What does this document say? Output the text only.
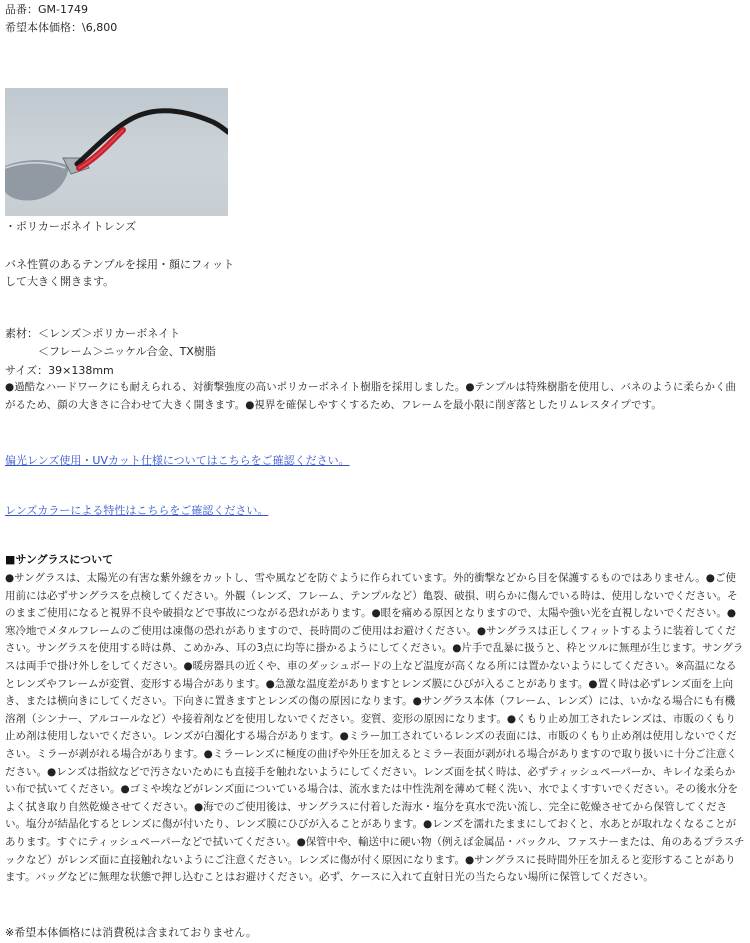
品番：GM-1749
希望本体価格：\6,800
・ポリカーボネイトレンズ
バネ性質のあるテンプルを採用・顔にフィット
して大きく開きます。
素材：＜レンズ＞ポリカーボネイト
＜フレーム＞ニッケル合金、TX樹脂
サイズ：39×138mm
●過酷なハードワークにも耐えられる、対衝撃強度の高いポリカーボネイト樹脂を採用しました。●テンプルは特殊樹脂を使用し、バネのように柔らかく曲がるため、顔の大きさに合わせて大きく開きます。●視界を確保しやすくするため、フレームを最小限に削ぎ落としたリムレスタイプです。
偏光レンズ使用・UVカット仕様についてはこちらをご確認ください。
レンズカラーによる特性はこちらをご確認ください。
■サングラスについて
●サングラスは、太陽光の有害な紫外線をカットし、雪や風などを防ぐように作られています。外的衝撃などから目を保護するものではありません。●ご使用前には必ずサングラスを点検してください。外観（レンズ、フレーム、テンプルなど）亀裂、破損、明らかに傷んでいる時は、使用しないでください。そのままご使用になると視界不良や破損などで事故につながる恐れがあります。●眼を痛める原因となりますので、太陽や強い光を直視しないでください。●寒冷地でメタルフレームのご使用は凍傷の恐れがありますので、長時間のご使用はお避けください。●サングラスは正しくフィットするように装着してください。サングラスを使用する時は鼻、こめかみ、耳の3点に均等に掛かるようにしてください。●片手で乱暴に扱うと、枠とツルに無理が生じます。サングラスは両手で掛け外しをしてください。●暖房器具の近くや、車のダッシュボードの上など温度が高くなる所には置かないようにしてください。※高温になるとレンズやフレームが変質、変形する場合があります。●急激な温度差がありますとレンズ膜にひびが入ることがあります。●置く時は必ずレンズ面を上向き、または横向きにしてください。下向きに置きますとレンズの傷の原因になります。●サングラス本体（フレーム、レンズ）には、いかなる場合にも有機溶剤（シンナー、アルコールなど）や接着剤などを使用しないでください。変質、変形の原因になります。●くもり止め加工されたレンズは、市販のくもり止め剤は使用しないでください。レンズが白濁化する場合があります。●ミラー加工されているレンズの表面には、市販のくもり止め剤は使用しないでください。ミラーが剥がれる場合があります。●ミラーレンズに極度の曲げや外圧を加えるとミラー表面が剥がれる場合がありますので取り扱いに十分ご注意ください。●レンズは指紋などで汚さないためにも直接手を触れないようにしてください。レンズ面を拭く時は、必ずティッシュペーパーか、キレイな柔らかい布で拭いてください。●ゴミや埃などがレンズ面についている場合は、流水または中性洗剤を薄めて軽く洗い、水でよくすすいでください。その後水分をよく拭き取り自然乾燥させてください。●海でのご使用後は、サングラスに付着した海水・塩分を真水で洗い流し、完全に乾燥させてから保管してください。塩分が結晶化するとレンズに傷が付いたり、レンズ膜にひびが入ることがあります。●レンズを濡れたままにしておくと、水あとが取れなくなることがあります。すぐにティッシュペーパーなどで拭いてください。●保管中や、輸送中に硬い物（例えば金属品・バックル、ファスナーまたは、角のあるプラスチックなど）がレンズ面に直接触れないようにご注意ください。レンズに傷が付く原因になります。●サングラスに長時間外圧を加えると変形することがあります。バッグなどに無理な状態で押し込むことはお避けください。必ず、ケースに入れて直射日光の当たらない場所に保管してください。
※希望本体価格には消費税は含まれておりません。
